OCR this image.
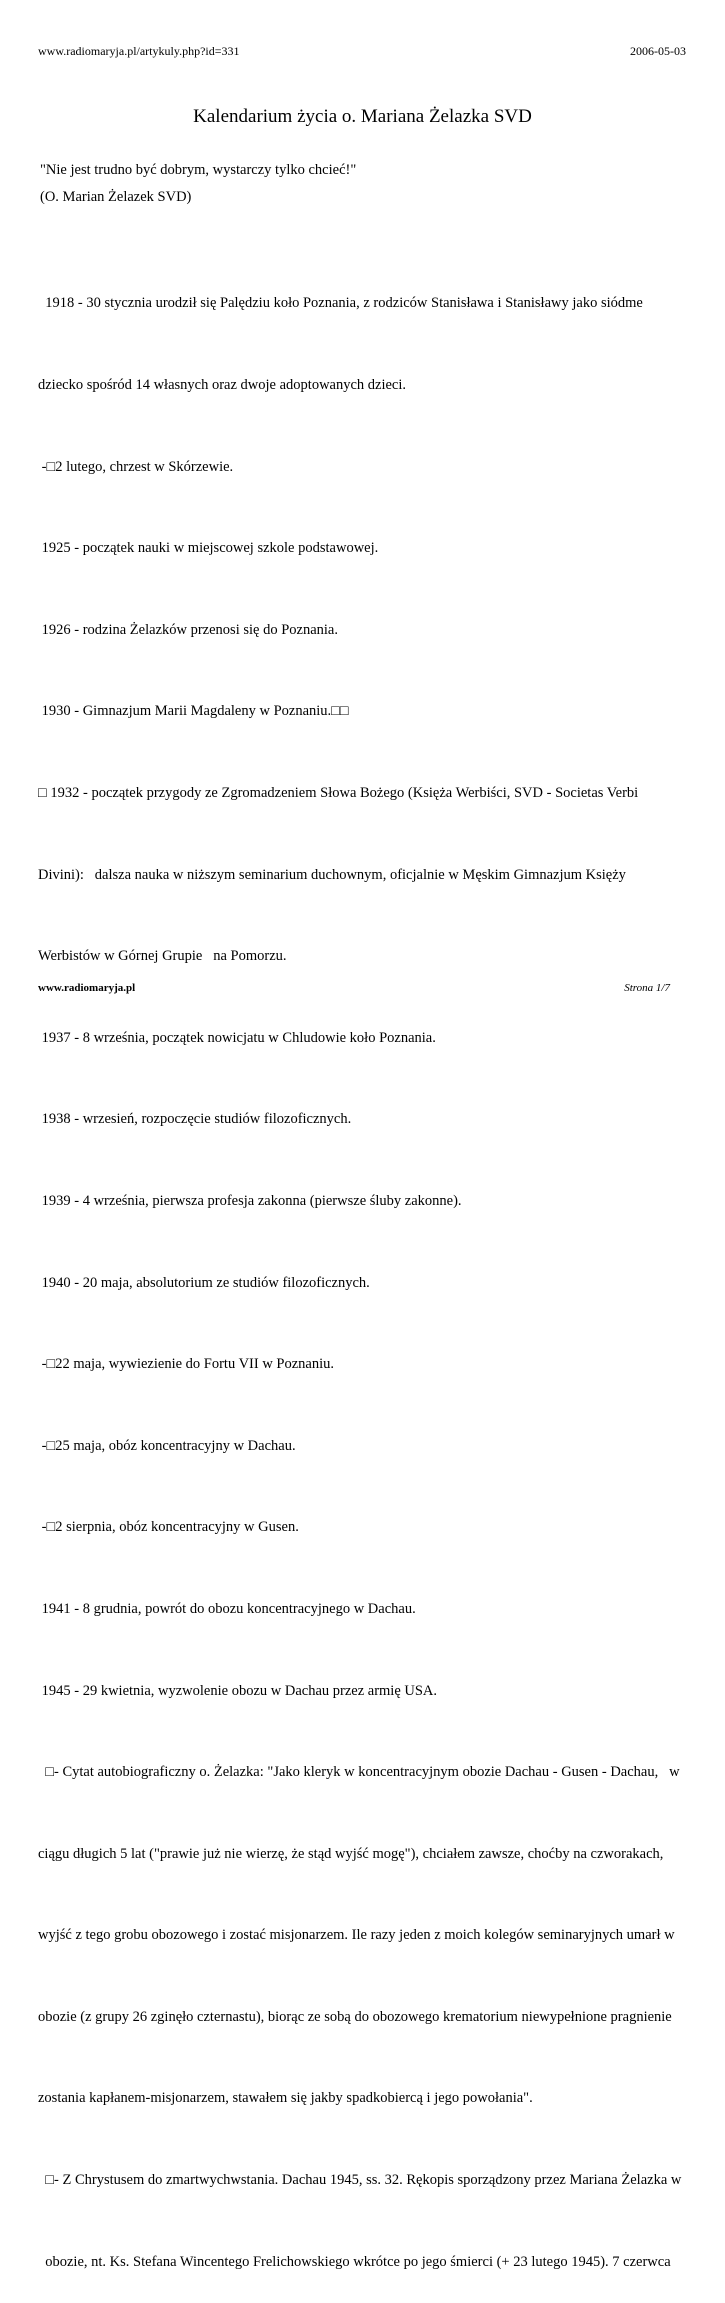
www.radiomaryja.pl/artykuly.php?id=331	2006-05-03
Kalendarium życia o. Mariana Żelazka SVD
"Nie jest trudno być dobrym, wystarczy tylko chcieć!"
(O. Marian Żelazek SVD)

1918 - 30 stycznia urodził się Palędziu koło Poznania, z rodziców Stanisława i Stanisławy jako siódme

dziecko spośród 14 własnych oraz dwoje adoptowanych dzieci.

-□2 lutego, chrzest w Skórzewie.

1925 - początek nauki w miejscowej szkole podstawowej.

1926 - rodzina Żelazków przenosi się do Poznania.

1930 - Gimnazjum Marii Magdaleny w Poznaniu.□□

□ 1932 - początek przygody ze Zgromadzeniem Słowa Bożego (Księża Werbiści, SVD - Societas Verbi

Divini):   dalsza nauka w niższym seminarium duchownym, oficjalnie w Męskim Gimnazjum Księży

Werbistów w Górnej Grupie   na Pomorzu.

1937 - 8 września, początek nowicjatu w Chludowie koło Poznania.

1938 - wrzesień, rozpoczęcie studiów filozoficznych.

1939 - 4 września, pierwsza profesja zakonna (pierwsze śluby zakonne).

1940 - 20 maja, absolutorium ze studiów filozoficznych.

-□22 maja, wywiezienie do Fortu VII w Poznaniu.

-□25 maja, obóz koncentracyjny w Dachau.

-□2 sierpnia, obóz koncentracyjny w Gusen.

1941 - 8 grudnia, powrót do obozu koncentracyjnego w Dachau.

1945 - 29 kwietnia, wyzwolenie obozu w Dachau przez armię USA.

□- Cytat autobiograficzny o. Żelazka: "Jako kleryk w koncentracyjnym obozie Dachau - Gusen - Dachau,   w

ciągu długich 5 lat ("prawie już nie wierzę, że stąd wyjść mogę"), chciałem zawsze, choćby na czworakach,

wyjść z tego grobu obozowego i zostać misjonarzem. Ile razy jeden z moich kolegów seminaryjnych umarł w

obozie (z grupy 26 zginęło czternastu), biorąc ze sobą do obozowego krematorium niewypełnione pragnienie

zostania kapłanem-misjonarzem, stawałem się jakby spadkobiercą i jego powołania".

□- Z Chrystusem do zmartwychwstania. Dachau 1945, ss. 32. Rękopis sporządzony przez Mariana Żelazka w

obozie, nt. Ks. Stefana Wincentego Frelichowskiego wkrótce po jego śmierci (+ 23 lutego 1945). 7 czerwca

www.radiomaryja.pl	Strona 1/7
